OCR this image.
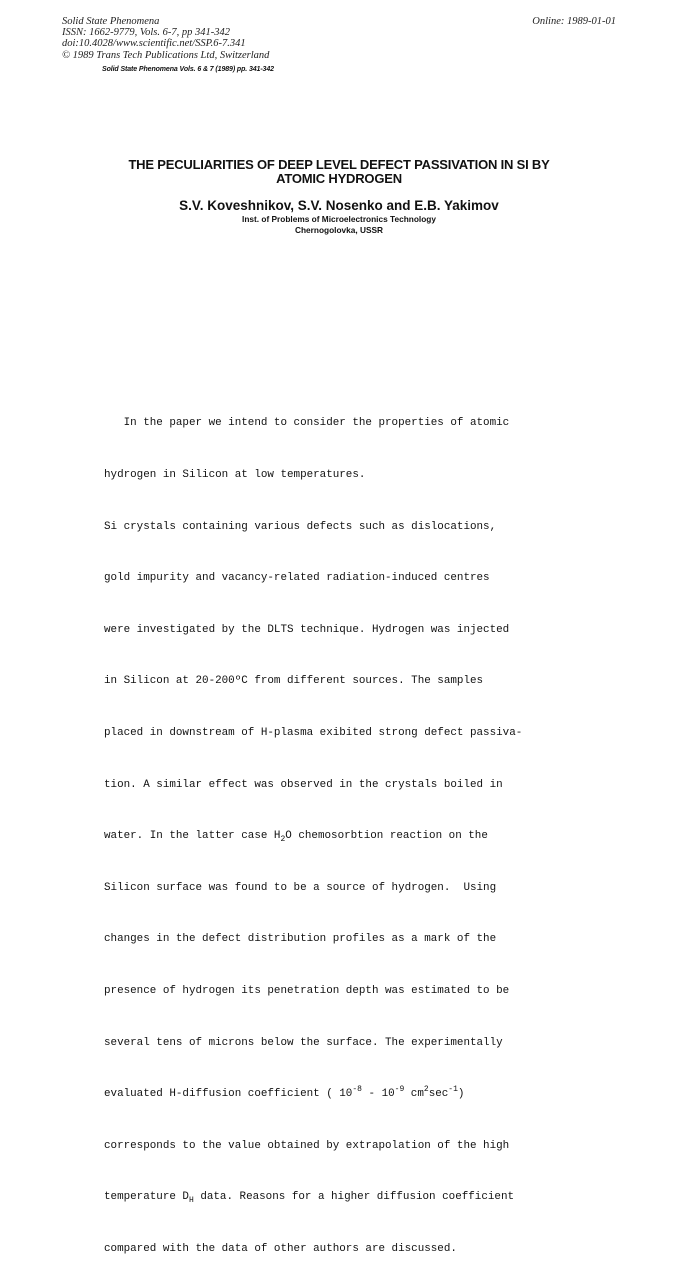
Solid State Phenomena
ISSN: 1662-9779, Vols. 6-7, pp 341-342
doi:10.4028/www.scientific.net/SSP.6-7.341
© 1989 Trans Tech Publications Ltd, Switzerland
Online: 1989-01-01
Solid State Phenomena Vols. 6 & 7 (1989) pp. 341-342
THE PECULIARITIES OF DEEP LEVEL DEFECT PASSIVATION IN SI BY
ATOMIC HYDROGEN
S.V. Koveshnikov, S.V. Nosenko and E.B. Yakimov
Inst. of Problems of Microelectronics Technology
Chernogolovka, USSR

In the paper we intend to consider the properties of atomic

hydrogen in Silicon at low temperatures.

Si crystals containing various defects such as dislocations,

gold impurity and vacancy-related radiation-induced centres

were investigated by the DLTS technique. Hydrogen was injected

in Silicon at 20-200ºC from different sources. The samples

placed in downstream of H-plasma exibited strong defect passiva-

tion. A similar effect was observed in the crystals boiled in

water. In the latter case $H_2O$ chemosorbtion reaction on the

Silicon surface was found to be a source of hydrogen.  Using

changes in the defect distribution profiles as a mark of the

presence of hydrogen its penetration depth was estimated to be

several tens of microns below the surface. The experimentally

evaluated H-diffusion coefficient ( $10^{-8} - 10^{-9}$ $cm^2\sec^{-1}$)

corresponds to the value obtained by extrapolation of the high

temperature $D_H$ data. Reasons for a higher diffusion coefficient

compared with the data of other authors are discussed.
